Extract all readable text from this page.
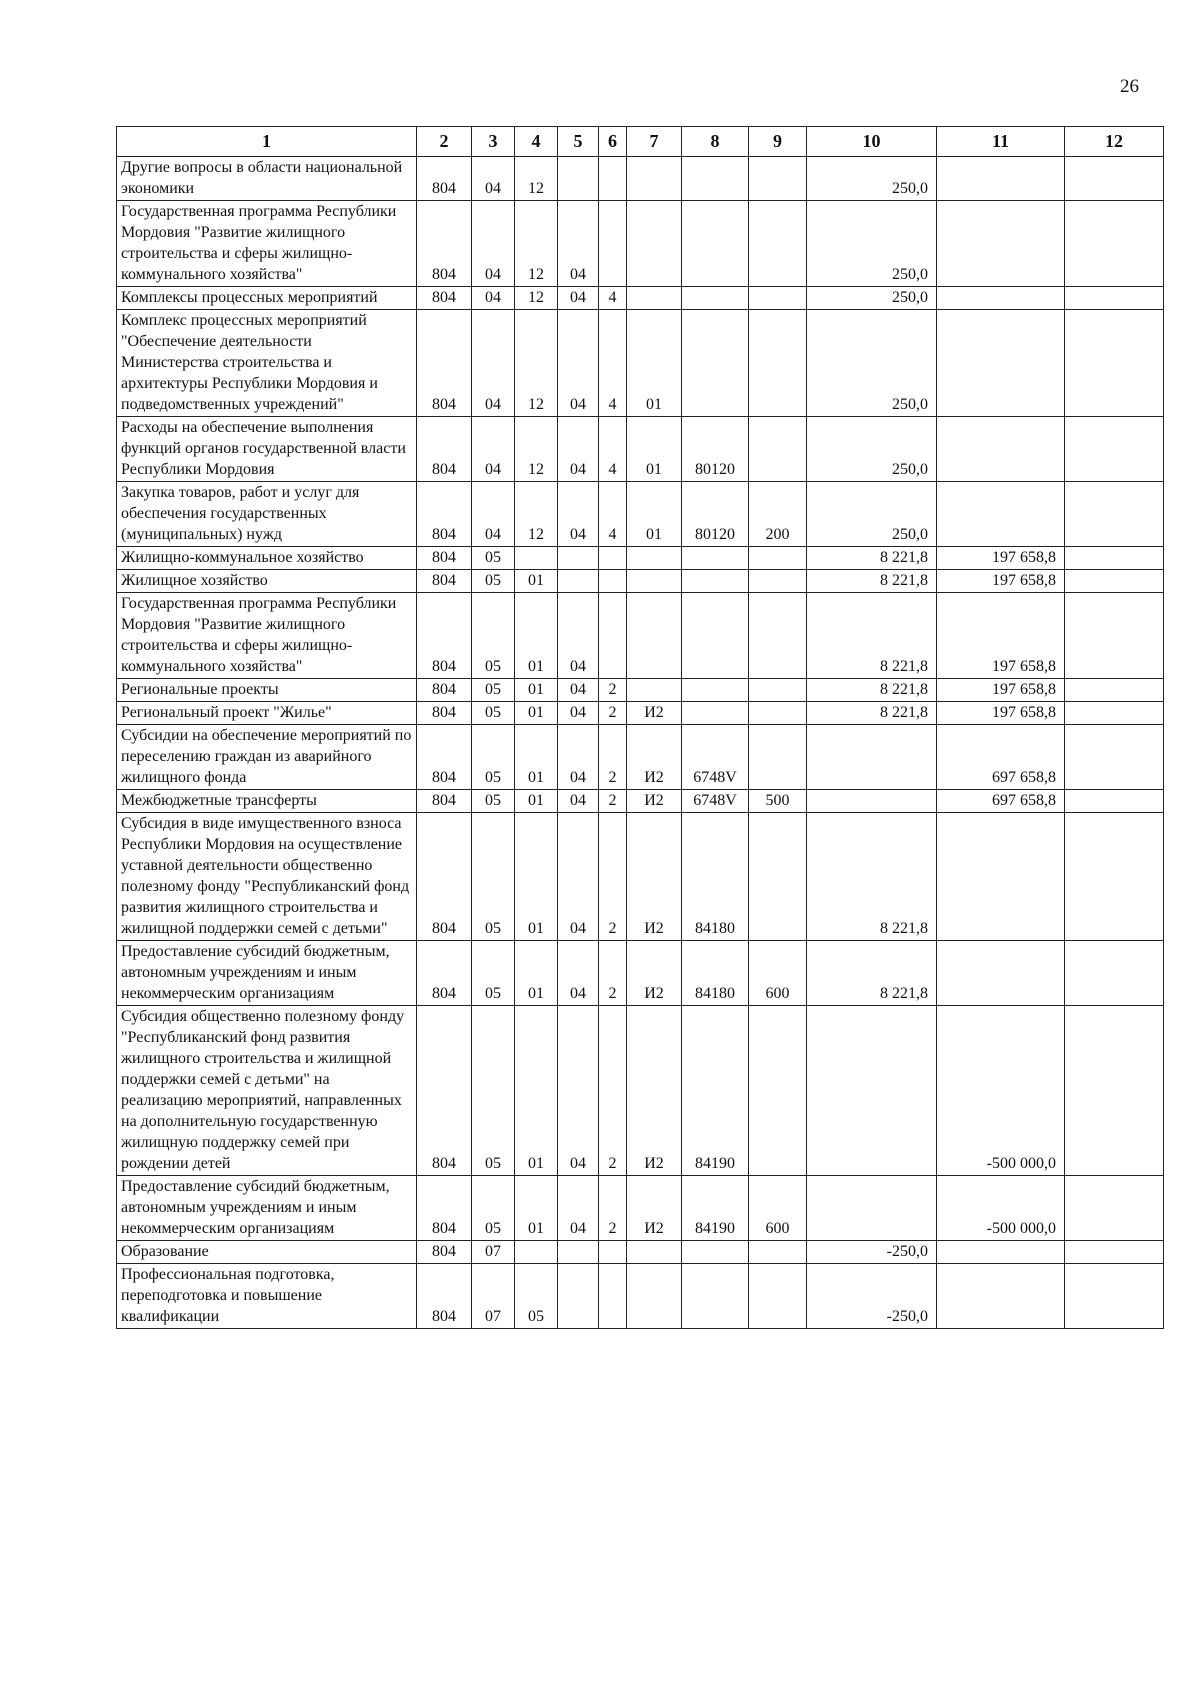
26
1	2	3	4	5	6	7	8	9	10	11	12
Другие вопросы в области национальной экономики	804	04	12						250,0		
Государственная программа Республики Мордовия "Развитие жилищного строительства и сферы жилищно-коммунального хозяйства"	804	04	12	04					250,0		
Комплексы процессных мероприятий	804	04	12	04	4				250,0		
Комплекс процессных мероприятий "Обеспечение деятельности Министерства строительства и архитектуры Республики Мордовия и подведомственных учреждений"	804	04	12	04	4	01			250,0		
Расходы на обеспечение выполнения функций органов государственной власти Республики Мордовия	804	04	12	04	4	01	80120		250,0		
Закупка товаров, работ и услуг для обеспечения государственных (муниципальных) нужд	804	04	12	04	4	01	80120	200	250,0		
Жилищно-коммунальное хозяйство	804	05							8 221,8	197 658,8	
Жилищное хозяйство	804	05	01						8 221,8	197 658,8	
Государственная программа Республики Мордовия "Развитие жилищного строительства и сферы жилищно-коммунального хозяйства"	804	05	01	04					8 221,8	197 658,8	
Региональные проекты	804	05	01	04	2				8 221,8	197 658,8	
Региональный проект "Жилье"	804	05	01	04	2	И2			8 221,8	197 658,8	
Субсидии на обеспечение мероприятий по переселению граждан из аварийного жилищного фонда	804	05	01	04	2	И2	6748V			697 658,8	
Межбюджетные трансферты	804	05	01	04	2	И2	6748V	500		697 658,8	
Субсидия в виде имущественного взноса Республики Мордовия на осуществление уставной деятельности общественно полезному фонду "Республиканский фонд развития жилищного строительства и жилищной поддержки семей с детьми"	804	05	01	04	2	И2	84180		8 221,8		
Предоставление субсидий бюджетным, автономным учреждениям и иным некоммерческим организациям	804	05	01	04	2	И2	84180	600	8 221,8		
Субсидия общественно полезному фонду "Республиканский фонд развития жилищного строительства и жилищной поддержки семей с детьми" на реализацию мероприятий, направленных на дополнительную государственную жилищную поддержку семей при рождении детей	804	05	01	04	2	И2	84190			-500 000,0	
Предоставление субсидий бюджетным, автономным учреждениям и иным некоммерческим организациям	804	05	01	04	2	И2	84190	600		-500 000,0	
Образование	804	07							-250,0		
Профессиональная подготовка, переподготовка и повышение квалификации	804	07	05						-250,0		
